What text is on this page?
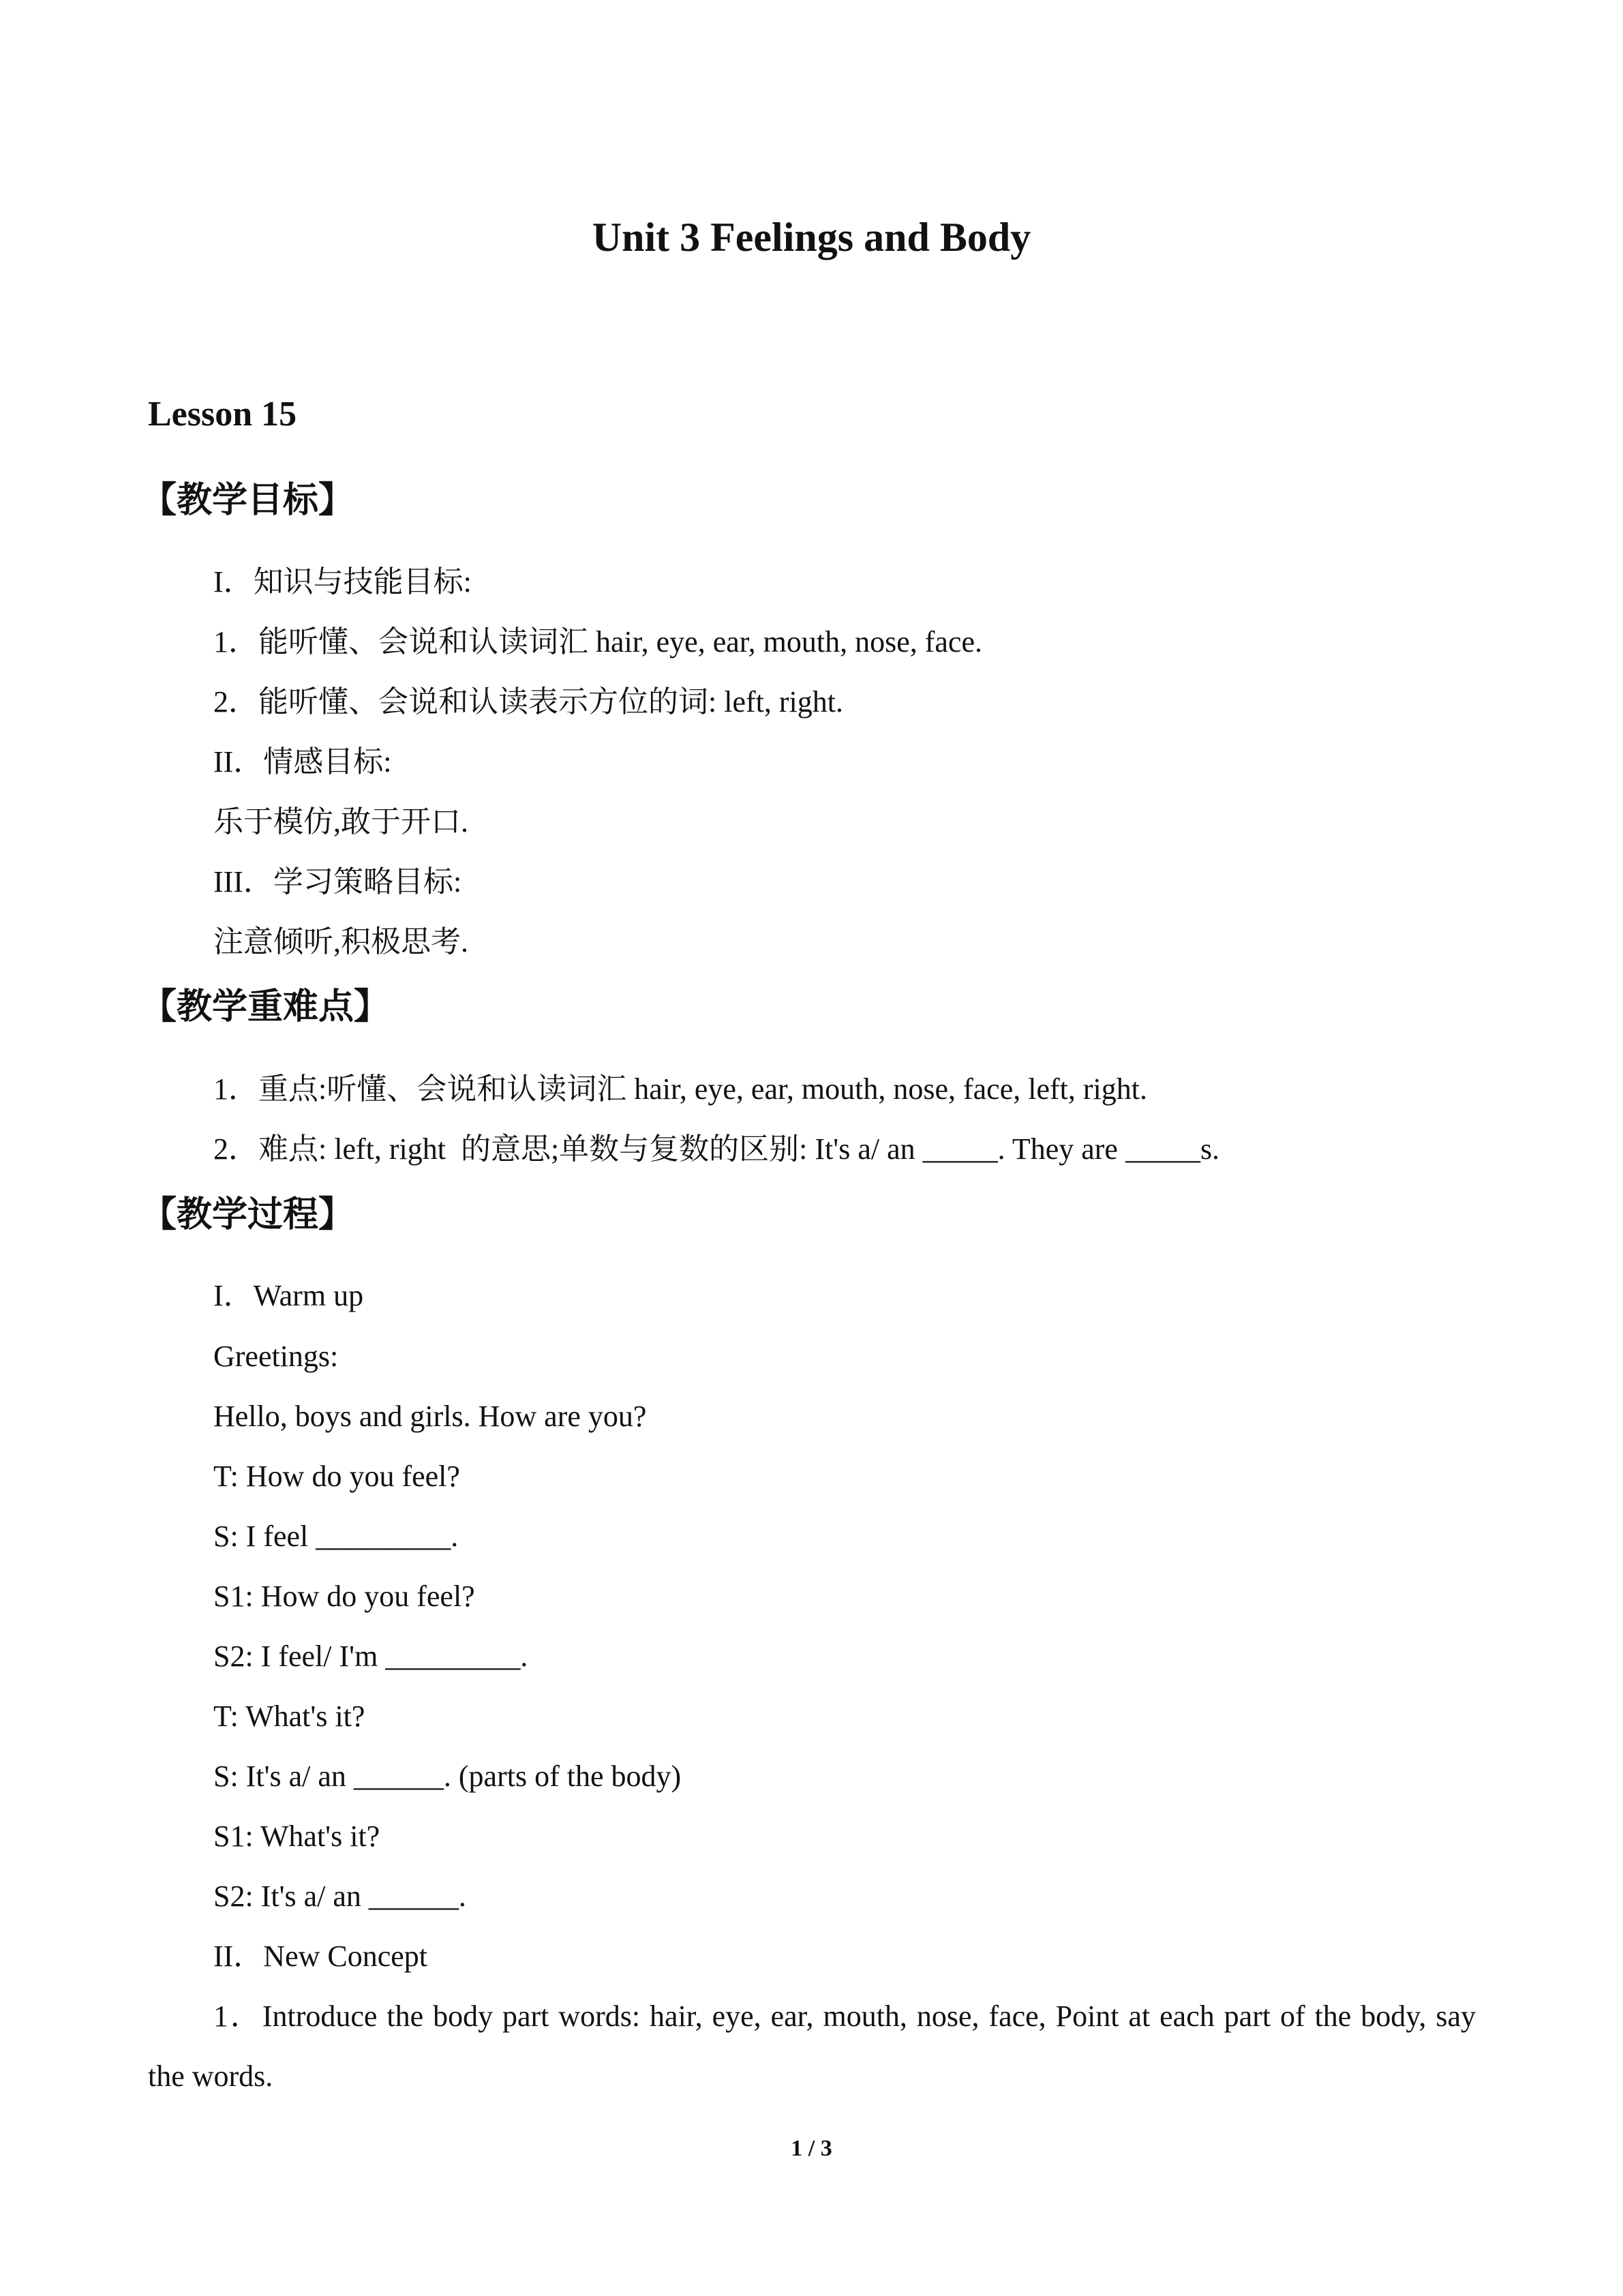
Unit 3 Feelings and Body
Lesson 15
【教学目标】
I．知识与技能目标:
1．能听懂、会说和认读词汇 hair, eye, ear, mouth, nose, face.
2．能听懂、会说和认读表示方位的词: left, right.
II．情感目标:
乐于模仿,敢于开口.
III．学习策略目标:
注意倾听,积极思考.
【教学重难点】
1．重点:听懂、会说和认读词汇 hair, eye, ear, mouth, nose, face, left, right.
2．难点: left, right  的意思;单数与复数的区别: It's a/ an _____. They are _____s.
【教学过程】
I．Warm up
Greetings:
Hello, boys and girls. How are you?
T: How do you feel?
S: I feel _________.
S1: How do you feel?
S2: I feel/ I'm _________.
T: What's it?
S: It's a/ an ______. (parts of the body)
S1: What's it?
S2: It's a/ an ______.
II．New Concept
1．Introduce the body part words: hair, eye, ear, mouth, nose, face, Point at each part of the body, say the words.
1 / 3
